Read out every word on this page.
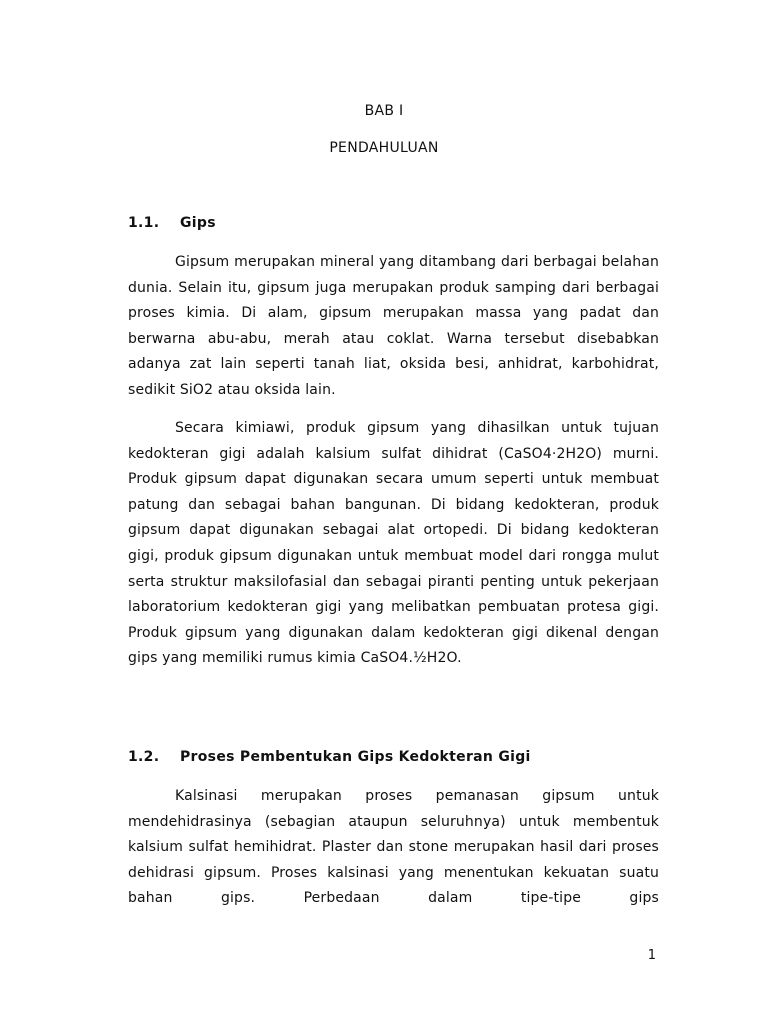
BAB I
PENDAHULUAN
1.1. Gips

Gipsum merupakan mineral yang ditambang dari berbagai belahan dunia. Selain itu, gipsum juga merupakan produk samping dari berbagai proses kimia. Di alam, gipsum merupakan massa yang padat dan berwarna abu-abu, merah atau coklat. Warna tersebut disebabkan adanya zat lain seperti tanah liat, oksida besi, anhidrat, karbohidrat, sedikit SiO2 atau oksida lain.

Secara kimiawi, produk gipsum yang dihasilkan untuk tujuan kedokteran gigi adalah kalsium sulfat dihidrat (CaSO4·2H2O) murni. Produk gipsum dapat digunakan secara umum seperti untuk membuat patung dan sebagai bahan bangunan. Di bidang kedokteran, produk gipsum dapat digunakan sebagai alat ortopedi. Di bidang kedokteran gigi, produk gipsum digunakan untuk membuat model dari rongga mulut serta struktur maksilofasial dan sebagai piranti penting untuk pekerjaan laboratorium kedokteran gigi yang melibatkan pembuatan protesa gigi. Produk gipsum yang digunakan dalam kedokteran gigi dikenal dengan gips yang memiliki rumus kimia CaSO4.½H2O.

1.2. Proses Pembentukan Gips Kedokteran Gigi

Kalsinasi merupakan proses pemanasan gipsum untuk mendehidrasinya (sebagian ataupun seluruhnya) untuk membentuk kalsium sulfat hemihidrat. Plaster dan stone merupakan hasil dari proses dehidrasi gipsum. Proses kalsinasi yang menentukan kekuatan suatu bahan gips. Perbedaan dalam tipe-tipe gips

1
